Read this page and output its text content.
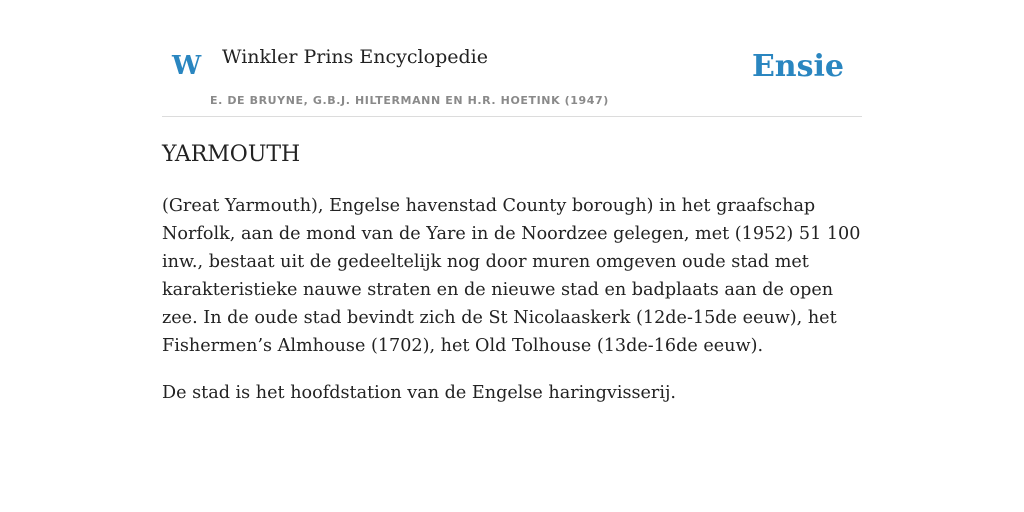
W Winkler Prins Encyclopedie
E. DE BRUYNE, G.B.J. HILTERMANN EN H.R. HOETINK (1947)
Ensie
YARMOUTH

(Great Yarmouth), Engelse havenstad County borough) in het graafschap Norfolk, aan de mond van de Yare in de Noordzee gelegen, met (1952) 51 100 inw., bestaat uit de gedeeltelijk nog door muren omgeven oude stad met karakteristieke nauwe straten en de nieuwe stad en badplaats aan de open zee. In de oude stad bevindt zich de St Nicolaaskerk (12de-15de eeuw), het Fishermen’s Almhouse (1702), het Old Tolhouse (13de-16de eeuw).

De stad is het hoofdstation van de Engelse haringvisserij.
